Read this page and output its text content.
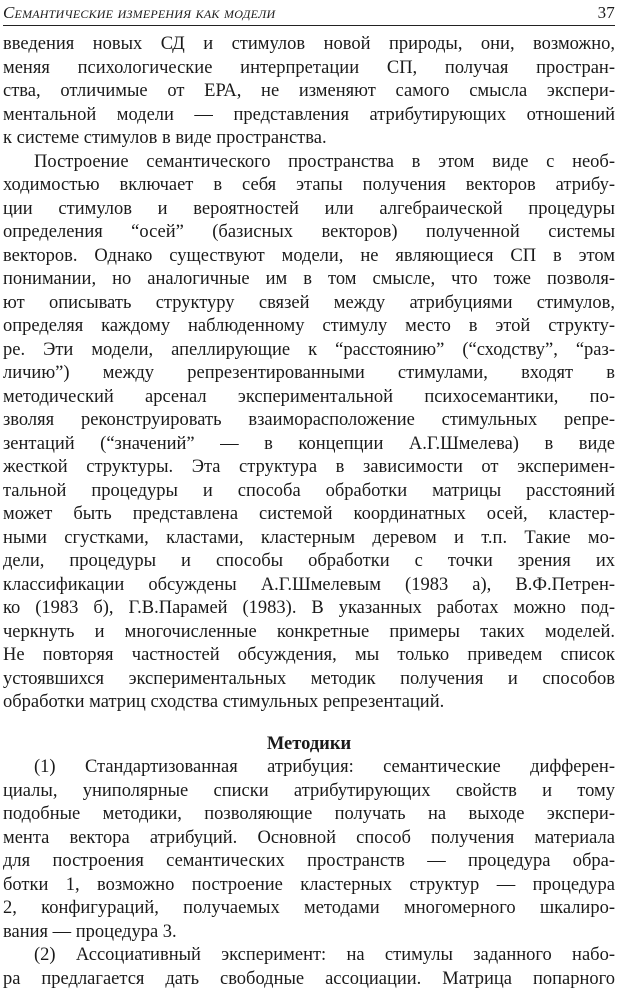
Семантические измерения как модели	37
введения новых СД и стимулов новой природы, они, возможно,
меняя психологические интерпретации СП, получая простран-
ства, отличимые от ЕРА, не изменяют самого смысла экспери-
ментальной модели — представления атрибутирующих отношений
к системе стимулов в виде пространства.
Построение семантического пространства в этом виде с необ-
ходимостью включает в себя этапы получения векторов атрибу-
ции стимулов и вероятностей или алгебраической процедуры
определения “осей” (базисных векторов) полученной системы
векторов. Однако существуют модели, не являющиеся СП в этом
понимании, но аналогичные им в том смысле, что тоже позволя-
ют описывать структуру связей между атрибуциями стимулов,
определяя каждому наблюденному стимулу место в этой структу-
ре. Эти модели, апеллирующие к “расстоянию” (“сходству”, “раз-
личию”) между репрезентированными стимулами, входят в
методический арсенал экспериментальной психосемантики, по-
зволяя реконструировать взаиморасположение стимульных репре-
зентаций (“значений” — в концепции А.Г.Шмелева) в виде
жесткой структуры. Эта структура в зависимости от эксперимен-
тальной процедуры и способа обработки матрицы расстояний
может быть представлена системой координатных осей, кластер-
ными сгустками, кластами, кластерным деревом и т.п. Такие мо-
дели, процедуры и способы обработки с точки зрения их
классификации обсуждены А.Г.Шмелевым (1983 а), В.Ф.Петрен-
ко (1983 б), Г.В.Парамей (1983). В указанных работах можно под-
черкнуть и многочисленные конкретные примеры таких моделей.
Не повторяя частностей обсуждения, мы только приведем список
устоявшихся экспериментальных методик получения и способов
обработки матриц сходства стимульных репрезентаций.
Методики
(1) Стандартизованная атрибуция: семантические дифферен-
циалы, униполярные списки атрибутирующих свойств и тому
подобные методики, позволяющие получать на выходе экспери-
мента вектора атрибуций. Основной способ получения материала
для построения семантических пространств — процедура обра-
ботки 1, возможно построение кластерных структур — процедура
2, конфигураций, получаемых методами многомерного шкалиро-
вания — процедура 3.
(2) Ассоциативный эксперимент: на стимулы заданного набо-
ра предлагается дать свободные ассоциации. Матрица попарного
